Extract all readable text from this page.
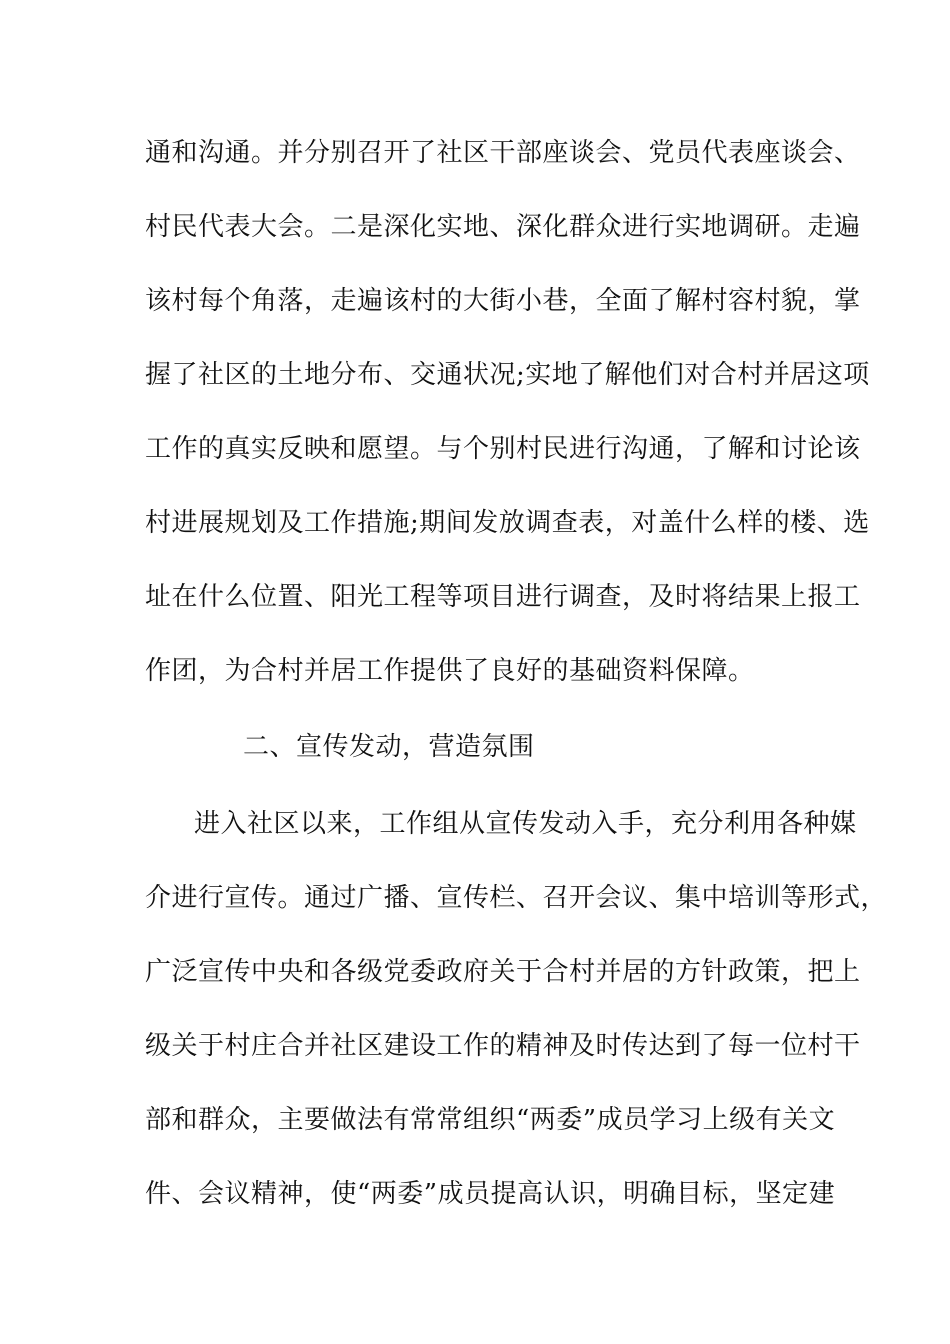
通和沟通。并分别召开了社区干部座谈会、党员代表座谈会、
村民代表大会。二是深化实地、深化群众进行实地调研。走遍
该村每个角落，走遍该村的大街小巷，全面了解村容村貌，掌
握了社区的土地分布、交通状况;实地了解他们对合村并居这项
工作的真实反映和愿望。与个别村民进行沟通，了解和讨论该
村进展规划及工作措施;期间发放调查表，对盖什么样的楼、选
址在什么位置、阳光工程等项目进行调查，及时将结果上报工
作团，为合村并居工作提供了良好的基础资料保障。
二、宣传发动，营造氛围
进入社区以来，工作组从宣传发动入手，充分利用各种媒
介进行宣传。通过广播、宣传栏、召开会议、集中培训等形式，
广泛宣传中央和各级党委政府关于合村并居的方针政策，把上
级关于村庄合并社区建设工作的精神及时传达到了每一位村干
部和群众，主要做法有常常组织“两委”成员学习上级有关文
件、会议精神，使“两委”成员提高认识，明确目标，坚定建
